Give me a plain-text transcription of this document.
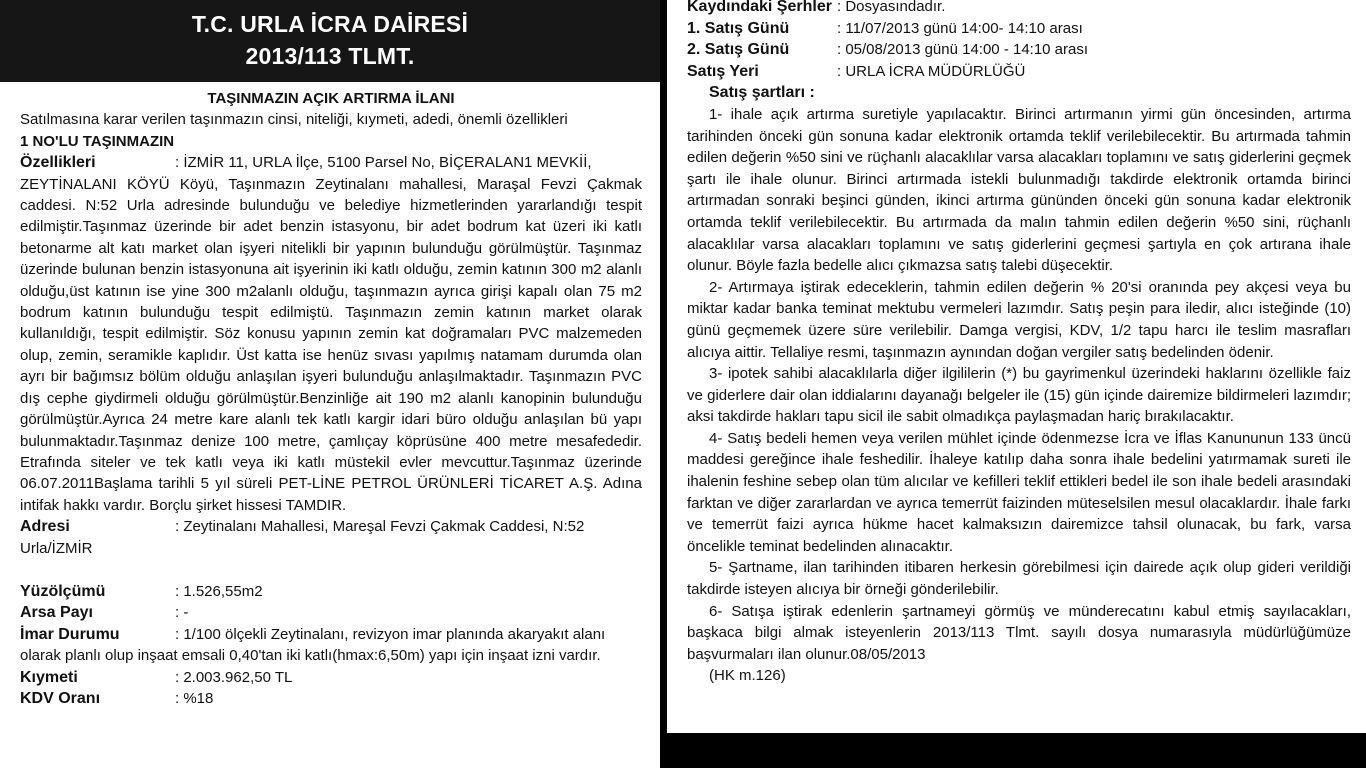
T.C. URLA İCRA DAİRESİ
2013/113 TLMT.
TAŞINMAZIN AÇIK ARTIRMA İLANI
Satılmasına karar verilen taşınmazın cinsi, niteliği, kıymeti, adedi, önemli özellikleri
1 NO'LU TAŞINMAZIN
Özellikleri	: İZMİR 11, URLA İlçe, 5100 Parsel No, BİÇERALAN1 MEVKİİ,
ZEYTİNALANI KÖYÜ Köyü, Taşınmazın Zeytinalanı mahallesi, Maraşal Fevzi Çakmak caddesi. N:52 Urla adresinde bulunduğu ve belediye hizmetlerinden yararlandığı tespit edilmiştir.Taşınmaz üzerinde bir adet benzin istasyonu, bir adet bodrum kat üzeri iki katlı betonarme alt katı market olan işyeri nitelikli bir yapının bulunduğu görülmüştür. Taşınmaz üzerinde bulunan benzin istasyonuna ait işyerinin iki katlı olduğu, zemin katının 300 m2 alanlı olduğu,üst katının ise yine 300 m2alanlı olduğu, taşınmazın ayrıca girişi kapalı olan 75 m2 bodrum katının bulunduğu tespit edilmiştü. Taşınmazın zemin katının market olarak kullanıldığı, tespit edilmiştir. Söz konusu yapının zemin kat doğramaları PVC malzemeden olup, zemin, seramikle kaplıdır. Üst katta ise henüz sıvası yapılmış natamam durumda olan ayrı bir bağımsız bölüm olduğu anlaşılan işyeri bulunduğu anlaşılmaktadır. Taşınmazın PVC dış cephe giydirmeli olduğu görülmüştür.Benzinliğe ait 190 m2 alanlı kanopinin bulunduğu görülmüştür.Ayrıca 24 metre kare alanlı tek katlı kargir idari büro olduğu anlaşılan bü yapı bulunmaktadır.Taşınmaz denize 100 metre, çamlıçay köprüsüne 400 metre mesafededir. Etrafında siteler ve tek katlı veya iki katlı müstekil evler mevcuttur.Taşınmaz üzerinde 06.07.2011Başlama tarihli 5 yıl süreli PET-LİNE PETROL ÜRÜNLERİ TİCARET A.Ş. Adına intifak hakkı vardır. Borçlu şirket hissesi TAMDIR.
Adresi	: Zeytinalanı Mahallesi, Mareşal Fevzi Çakmak Caddesi, N:52
Urla/İZMİR
Yüzölçümü	: 1.526,55m2
Arsa Payı	: -
İmar Durumu	: 1/100 ölçekli Zeytinalanı, revizyon imar planında akaryakıt alanı
olarak planlı olup inşaat emsali 0,40'tan iki katlı(hmax:6,50m) yapı için inşaat izni vardır.
Kıymeti	: 2.003.962,50 TL
KDV Oranı	: %18
Kaydındaki Şerhler : Dosyasındadır.
1. Satış Günü	: 11/07/2013 günü 14:00- 14:10 arası
2. Satış Günü	: 05/08/2013 günü 14:00 - 14:10 arası
Satış Yeri	: URLA İCRA MÜDÜRLÜĞÜ
Satış şartları :
1- ihale açık artırma suretiyle yapılacaktır. Birinci artırmanın yirmi gün öncesinden, artırma tarihinden önceki gün sonuna kadar elektronik ortamda teklif verilebilecektir. Bu artırmada tahmin edilen değerin %50 sini ve rüçhanlı alacaklılar varsa alacakları toplamını ve satış giderlerini geçmek şartı ile ihale olunur. Birinci artırmada istekli bulunmadığı takdirde elektronik ortamda birinci artırmadan sonraki beşinci günden, ikinci artırma gününden önceki gün sonuna kadar elektronik ortamda teklif verilebilecektir. Bu artırmada da malın tahmin edilen değerin %50 sini, rüçhanlı alacaklılar varsa alacakları toplamını ve satış giderlerini geçmesi şartıyla en çok artırana ihale olunur. Böyle fazla bedelle alıcı çıkmazsa satış talebi düşecektir.
2- Artırmaya iştirak edeceklerin, tahmin edilen değerin % 20'si oranında pey akçesi veya bu miktar kadar banka teminat mektubu vermeleri lazımdır. Satış peşin para iledir, alıcı isteğinde (10) günü geçmemek üzere süre verilebilir. Damga vergisi, KDV, 1/2 tapu harcı ile teslim masrafları alıcıya aittir. Tellaliye resmi, taşınmazın aynından doğan vergiler satış bedelinden ödenir.
3- ipotek sahibi alacaklılarla diğer ilgililerin (*) bu gayrimenkul üzerindeki haklarını özellikle faiz ve giderlere dair olan iddialarını dayanağı belgeler ile (15) gün içinde dairemize bildirmeleri lazımdır; aksi takdirde hakları tapu sicil ile sabit olmadıkça paylaşmadan hariç bırakılacaktır.
4- Satış bedeli hemen veya verilen mühlet içinde ödenmezse İcra ve İflas Kanununun 133 üncü maddesi gereğince ihale feshedilir. İhaleye katılıp daha sonra ihale bedelini yatırmamak sureti ile ihalenin feshine sebep olan tüm alıcılar ve kefilleri teklif ettikleri bedel ile son ihale bedeli arasındaki farktan ve diğer zararlardan ve ayrıca temerrüt faizinden müteselsilen mesul olacaklardır. İhale farkı ve temerrüt faizi ayrıca hükme hacet kalmaksızın dairemizce tahsil olunacak, bu fark, varsa öncelikle teminat bedelinden alınacaktır.
5- Şartname, ilan tarihinden itibaren herkesin görebilmesi için dairede açık olup gideri verildiği takdirde isteyen alıcıya bir örneği gönderilebilir.
6- Satışa iştirak edenlerin şartnameyi görmüş ve münderecatını kabul etmiş sayılacakları, başkaca bilgi almak isteyenlerin 2013/113 Tlmt. sayılı dosya numarasıyla müdürlüğümüze başvurmaları ilan olunur.08/05/2013
(HK m.126)
